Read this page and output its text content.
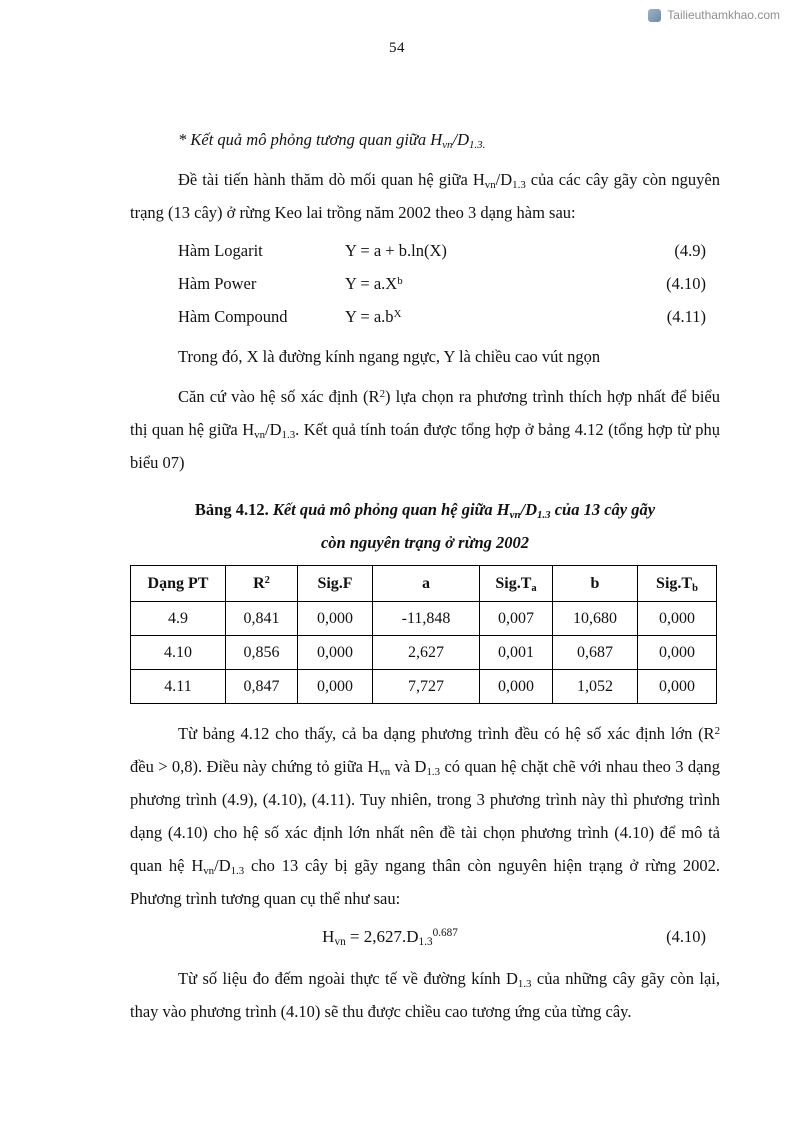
Tailieuthamkhao.com
54

* Kết quả mô phỏng tương quan giữa $H_{vn}/D_{1.3.}$

Đề tài tiến hành thăm dò mối quan hệ giữa $H_{vn}/D_{1.3}$ của các cây gãy còn nguyên trạng (13 cây) ở rừng Keo lai trồng năm 2002 theo 3 dạng hàm sau:

Hàm Logarit	Y = a + b.ln(X)	(4.9)
Hàm Power	$Y = a.X^b$	(4.10)
Hàm Compound	$Y = a.b^X$	(4.11)

Trong đó, X là đường kính ngang ngực, Y là chiều cao vút ngọn

Căn cứ vào hệ số xác định $(R^2)$ lựa chọn ra phương trình thích hợp nhất để biểu thị quan hệ giữa $H_{vn}/D_{1.3}$. Kết quả tính toán được tổng hợp ở bảng 4.12 (tổng hợp từ phụ biểu 07)

Bảng 4.12. Kết quả mô phỏng quan hệ giữa $H_{vn}/D_{1.3}$ của 13 cây gãy
còn nguyên trạng ở rừng 2002
Dạng PT	$R^2$	Sig.F	a	$Sig.T_a$	b	$Sig.T_b$
4.9	0,841	0,000	-11,848	0,007	10,680	0,000
4.10	0,856	0,000	2,627	0,001	0,687	0,000
4.11	0,847	0,000	7,727	0,000	1,052	0,000

Từ bảng 4.12 cho thấy, cả ba dạng phương trình đều có hệ số xác định lớn ($R^2$ đều > 0,8). Điều này chứng tỏ giữa $H_{vn}$ và $D_{1.3}$ có quan hệ chặt chẽ với nhau theo 3 dạng phương trình (4.9), (4.10), (4.11). Tuy nhiên, trong 3 phương trình này thì phương trình dạng (4.10) cho hệ số xác định lớn nhất nên đề tài chọn phương trình (4.10) để mô tả quan hệ $H_{vn}/D_{1.3}$ cho 13 cây bị gãy ngang thân còn nguyên hiện trạng ở rừng 2002. Phương trình tương quan cụ thể như sau:

$H_{vn} = 2,627.D_{1.3}^{0.687}$	(4.10)

Từ số liệu đo đếm ngoài thực tế về đường kính $D_{1.3}$ của những cây gãy còn lại, thay vào phương trình (4.10) sẽ thu được chiều cao tương ứng của từng cây.
